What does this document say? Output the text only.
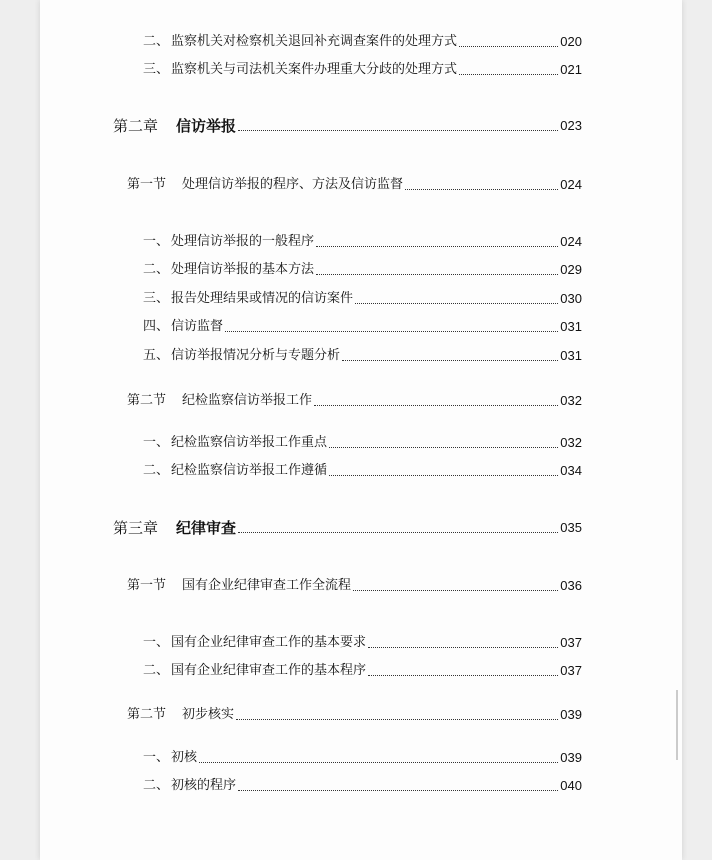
二、 监察机关对检察机关退回补充调查案件的处理方式	020
三、 监察机关与司法机关案件办理重大分歧的处理方式	021
第二章 信访举报	023
第一节 处理信访举报的程序、方法及信访监督	024
一、 处理信访举报的一般程序	024
二、 处理信访举报的基本方法	029
三、 报告处理结果或情况的信访案件	030
四、 信访监督	031
五、 信访举报情况分析与专题分析	031
第二节 纪检监察信访举报工作	032
一、 纪检监察信访举报工作重点	032
二、 纪检监察信访举报工作遵循	034
第三章 纪律审查	035
第一节 国有企业纪律审查工作全流程	036
一、 国有企业纪律审查工作的基本要求	037
二、 国有企业纪律审查工作的基本程序	037
第二节 初步核实	039
一、 初核	039
二、 初核的程序	040
